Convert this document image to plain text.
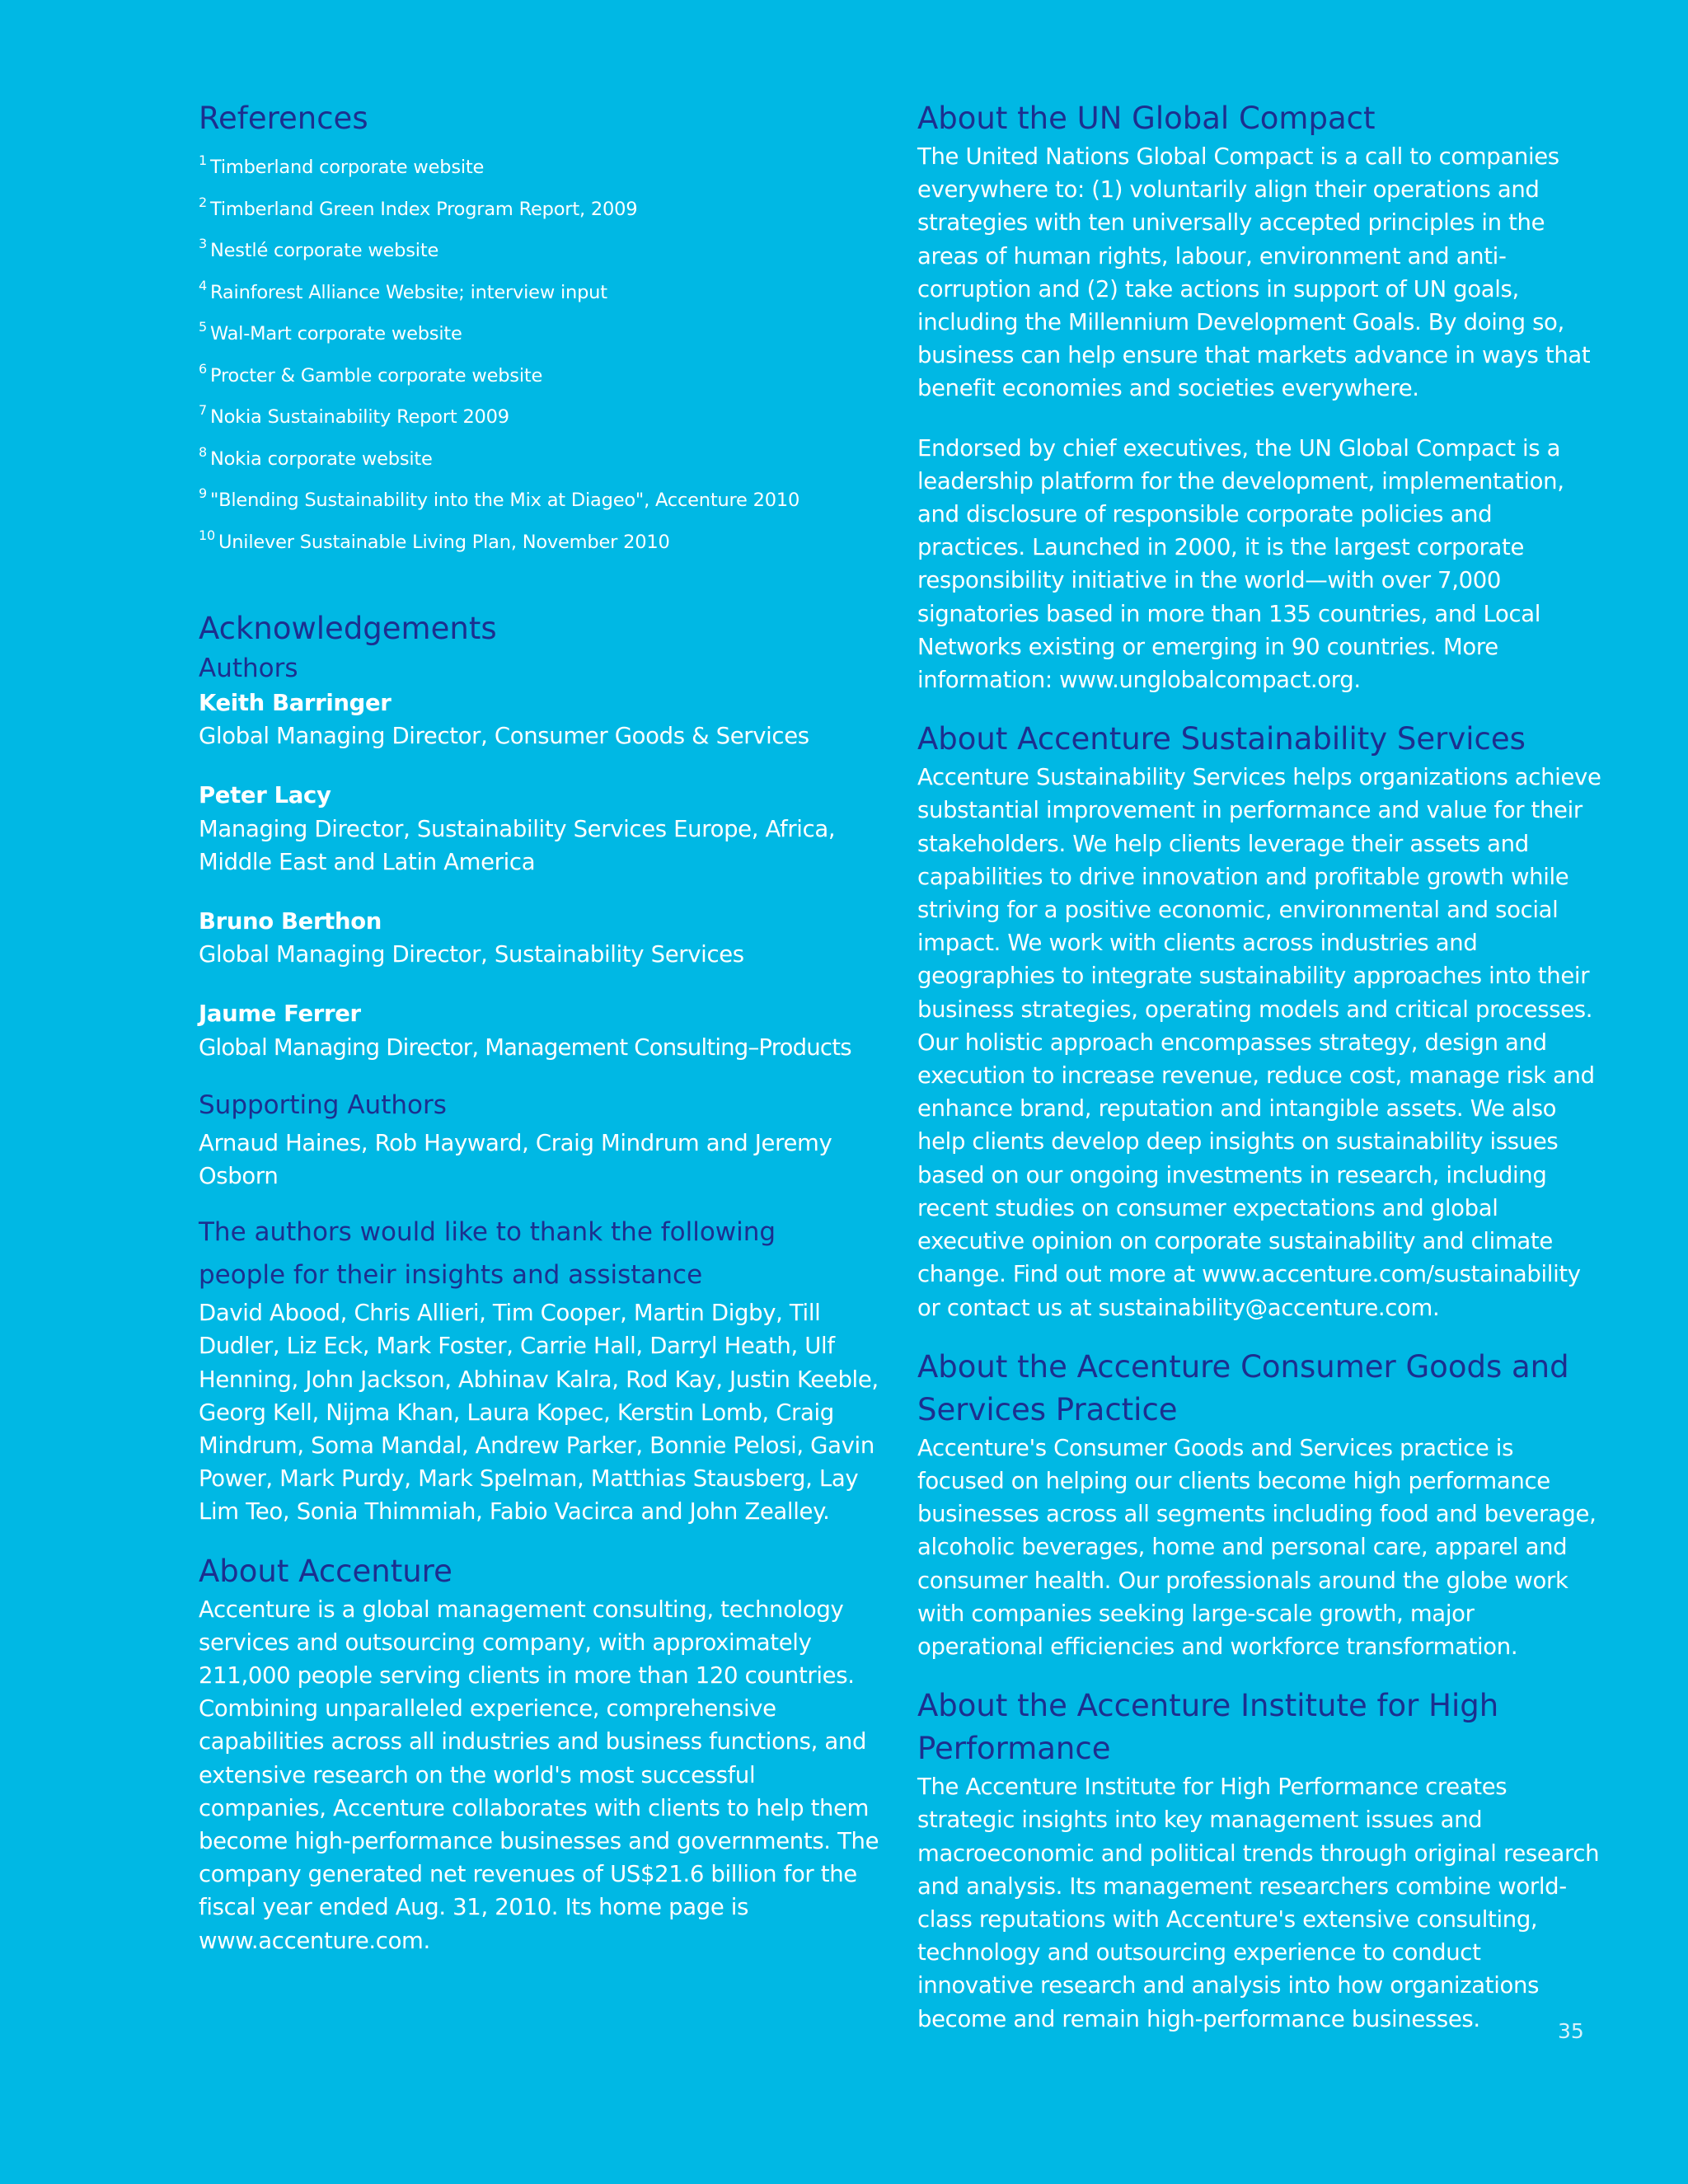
References
$^1$ Timberland corporate website
$^2$ Timberland Green Index Program Report, 2009
$^3$ Nestlé corporate website
$^4$ Rainforest Alliance Website; interview input
$^5$ Wal-Mart corporate website
$^6$ Procter & Gamble corporate website
$^7$ Nokia Sustainability Report 2009
$^8$ Nokia corporate website
$^9$ "Blending Sustainability into the Mix at Diageo", Accenture 2010
$^{10}$ Unilever Sustainable Living Plan, November 2010
Acknowledgements
Authors

Keith Barringer

Global Managing Director, Consumer Goods & Services

Peter Lacy

Managing Director, Sustainability Services Europe, Africa, Middle East and Latin America

Bruno Berthon

Global Managing Director, Sustainability Services

Jaume Ferrer

Global Managing Director, Management Consulting–Products

Supporting Authors

Arnaud Haines, Rob Hayward, Craig Mindrum and Jeremy Osborn

The authors would like to thank the following people for their insights and assistance

David Abood, Chris Allieri, Tim Cooper, Martin Digby, Till Dudler, Liz Eck, Mark Foster, Carrie Hall, Darryl Heath, Ulf Henning, John Jackson, Abhinav Kalra, Rod Kay, Justin Keeble, Georg Kell, Nijma Khan, Laura Kopec, Kerstin Lomb, Craig Mindrum, Soma Mandal, Andrew Parker, Bonnie Pelosi, Gavin Power, Mark Purdy, Mark Spelman, Matthias Stausberg, Lay Lim Teo, Sonia Thimmiah, Fabio Vacirca and John Zealley.

About Accenture

Accenture is a global management consulting, technology services and outsourcing company, with approximately 211,000 people serving clients in more than 120 countries. Combining unparalleled experience, comprehensive capabilities across all industries and business functions, and extensive research on the world's most successful companies, Accenture collaborates with clients to help them become high-performance businesses and governments. The company generated net revenues of US$21.6 billion for the fiscal year ended Aug. 31, 2010. Its home page is www.accenture.com.

About the UN Global Compact

The United Nations Global Compact is a call to companies everywhere to: (1) voluntarily align their operations and strategies with ten universally accepted principles in the areas of human rights, labour, environment and anti-corruption and (2) take actions in support of UN goals, including the Millennium Development Goals. By doing so, business can help ensure that markets advance in ways that benefit economies and societies everywhere.

Endorsed by chief executives, the UN Global Compact is a leadership platform for the development, implementation, and disclosure of responsible corporate policies and practices. Launched in 2000, it is the largest corporate responsibility initiative in the world—with over 7,000 signatories based in more than 135 countries, and Local Networks existing or emerging in 90 countries. More information: www.unglobalcompact.org.

About Accenture Sustainability Services

Accenture Sustainability Services helps organizations achieve substantial improvement in performance and value for their stakeholders. We help clients leverage their assets and capabilities to drive innovation and profitable growth while striving for a positive economic, environmental and social impact. We work with clients across industries and geographies to integrate sustainability approaches into their business strategies, operating models and critical processes. Our holistic approach encompasses strategy, design and execution to increase revenue, reduce cost, manage risk and enhance brand, reputation and intangible assets. We also help clients develop deep insights on sustainability issues based on our ongoing investments in research, including recent studies on consumer expectations and global executive opinion on corporate sustainability and climate change. Find out more at www.accenture.com/sustainability or contact us at sustainability@accenture.com.

About the Accenture Consumer Goods and Services Practice

Accenture's Consumer Goods and Services practice is focused on helping our clients become high performance businesses across all segments including food and beverage, alcoholic beverages, home and personal care, apparel and consumer health. Our professionals around the globe work with companies seeking large-scale growth, major operational efficiencies and workforce transformation.

About the Accenture Institute for High Performance

The Accenture Institute for High Performance creates strategic insights into key management issues and macroeconomic and political trends through original research and analysis. Its management researchers combine world-class reputations with Accenture's extensive consulting, technology and outsourcing experience to conduct innovative research and analysis into how organizations become and remain high-performance businesses.	35
